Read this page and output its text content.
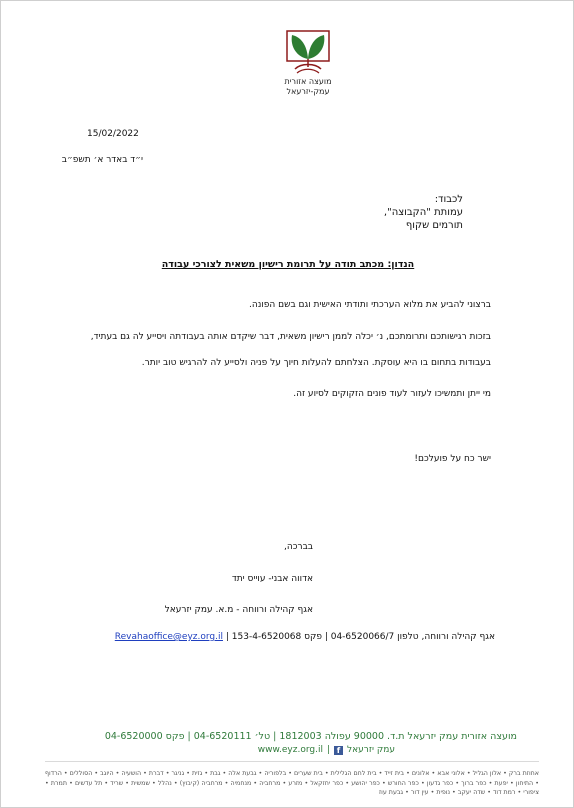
מועצה אזורית
עמק-יזרעאל
15/02/2022
י״ד באדר א׳ תשפ״ב
לכבוד:
עמותת "הקבוצה",
תורמים שקוף
הנדון: מכתב תודה על תרומת רישיון משאית לצורכי עבודה
ברצוני להביע את מלוא הערכתי ותודתי האישית וגם בשם הפונה.
בזכות רגישותכם ותרומתכם, נ׳ יכלה לממן רישיון משאית, דבר שיקדם אותה בעבודתה ויסייע לה גם בעתיד, בעבודות בתחום בו היא עוסקת. הצלחתם להעלות חיוך על פניה ולסייע לה להרגיש טוב יותר.
מי ייתן ותמשיכו לעזור לעוד פונים הזקוקים לסיוע זה.
ישר כח על פועלכם!
בברכה,
אדווה אבני- עוייס יתד
אגף קהילה ורווחה - מ.א. עמק יזרעאל
אגף קהילה ורווחה, טלפון 04-6520066/7 | פקס 153-4-6520068 | Revahaoffice@eyz.org.il
מועצה אזורית עמק יזרעאל ת.ד. 90000 עפולה 1812003 | טל׳ 04-6520111 | פקס 04-6520000
עמק יזרעאל
f
|
www.eyz.org.il
אחוזת ברק • אלון הגליל • אלוני אבא • אלונים • בית זייד • בית לחם הגלילית • בית שערים • בלפוריה • גבעת אלה • גבת • גזית • גניגר • דברת • הושעיה • היוגב • הסוללים • הרדוף • התיחון • יפעת • כפר ברוך • כפר גדעון • כפר החורש • כפר יהושע • כפר יחזקאל • מזרע • מרחביה • מנחמיה • מרחביה (קיבוץ) • נהלל • שמשית • שריד • תל עדשים • תמרת • ציפורי • רמת דוד • שדה יעקב • נופית • עין דור • גבעת עוז
